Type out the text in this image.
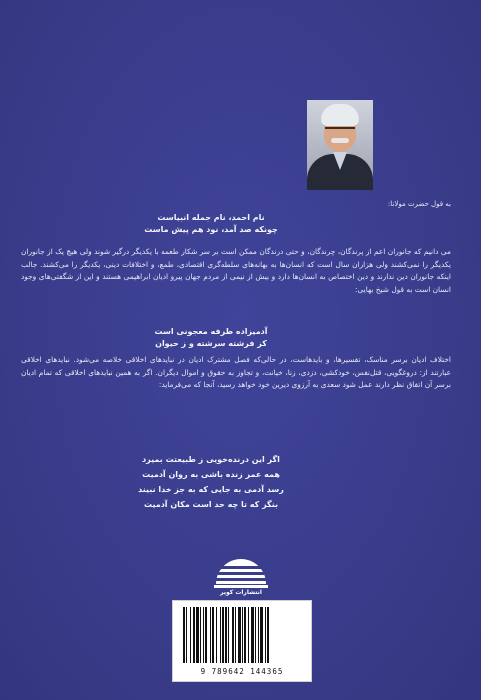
به قول حضرت مولانا:
نام احمد، نام جمله انبیاست
چونکه صد آمد، نود هم پیش ماست
می دانیم که جانوران اعم از پرندگان، چرندگان، و حتی درندگان ممکن است بر سر شکار طعمه با یکدیگر درگیر شوند ولی هیچ یک از جانوران یکدیگر را نمی‌کشند ولی هزاران سال است که انسان‌ها به بهانه‌های سلطه‌گری اقتصادی، طمع، و اختلافات دینی، یکدیگر را می‌کشند. جالب اینکه جانوران دین ندارند و دین اختصاص به انسان‌ها دارد و بیش از نیمی از مردم جهان پیرو ادیان ابراهیمی هستند و این از شگفتی‌های وجود انسان است به قول شیخ بهایی:
آدمیزاده طرفه معجونی است
کز فرشته سرشته و ز حیوان
اختلاف ادیان برسر مناسک، تفسیرها، و بایدهاست، در حالی‌که فصل مشترک ادیان در نبایدهای اخلاقی خلاصه می‌شود. نبایدهای اخلاقی عبارتند از: دروغگویی، قتل‌نفس، خودکشی، دزدی، زنا، خیانت، و تجاوز به حقوق و اموال دیگران. اگر به همین نبایدهای اخلاقی که تمام ادیان برسر آن اتفاق نظر دارند عمل شود سعدی به آرزوی دیرین خود خواهد رسید، آنجا که می‌فرماید:
اگر این درنده‌خویی ز طبیعتت بمیرد
همه عمر زنده باشی به روان آدمیت
رسد آدمی به جایی که به جز خدا نبیند
بنگر که تا چه حد است مکان آدمیت
انتشارات کویر
9 789642 144365
